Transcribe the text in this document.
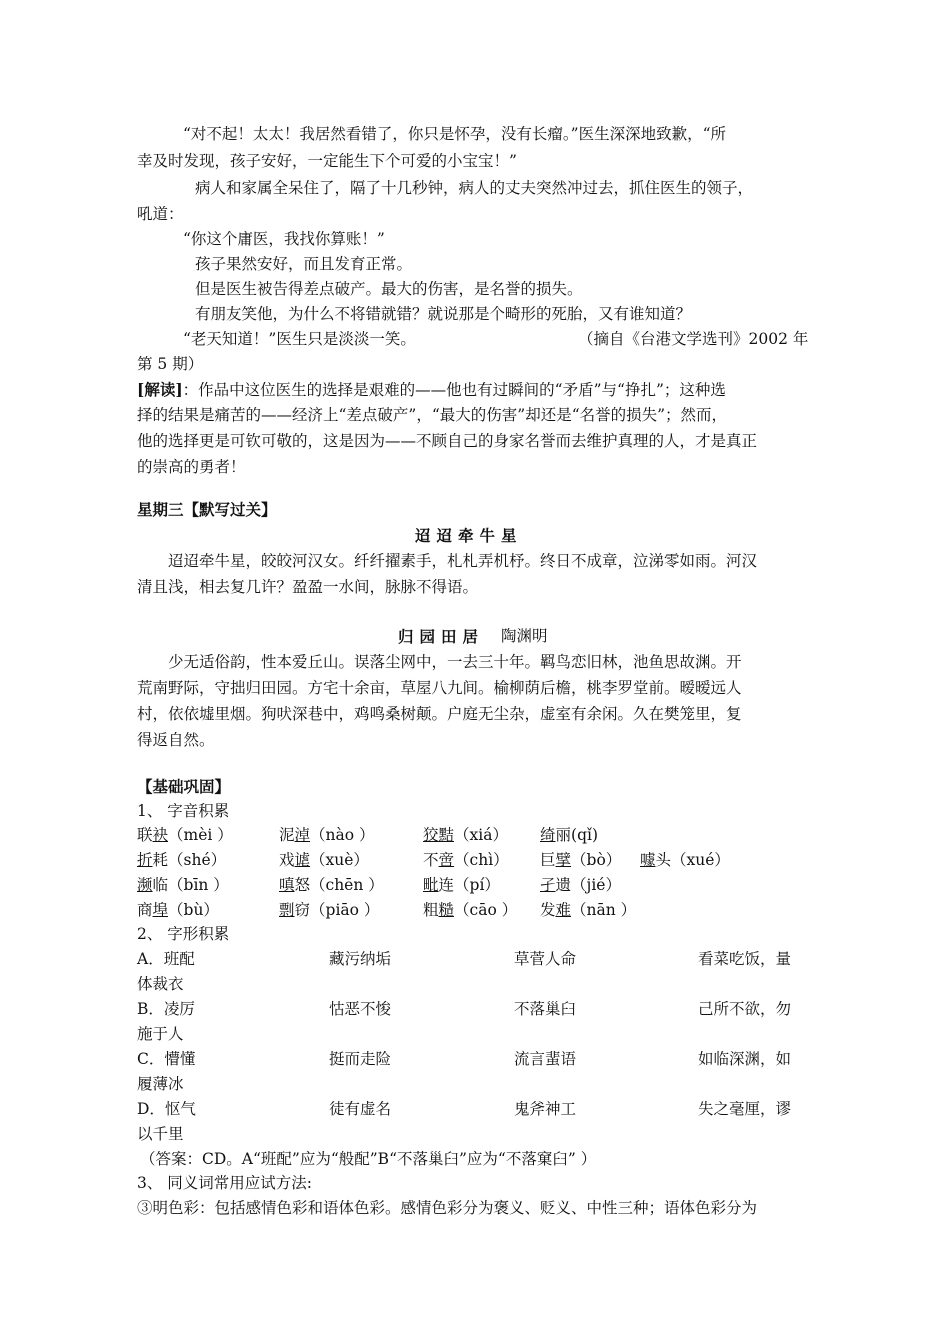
“对不起！太太！我居然看错了，你只是怀孕，没有长瘤。”医生深深地致歉，“所
幸及时发现，孩子安好，一定能生下个可爱的小宝宝！”
病人和家属全呆住了，隔了十几秒钟，病人的丈夫突然冲过去，抓住医生的领子，
吼道：
“你这个庸医，我找你算账！”
孩子果然安好，而且发育正常。
但是医生被告得差点破产。最大的伤害，是名誉的损失。
有朋友笑他，为什么不将错就错？就说那是个畸形的死胎，又有谁知道？
“老天知道！”医生只是淡淡一笑。	（摘自《台港文学选刊》2002 年
第 5 期）
[解读]：作品中这位医生的选择是艰难的——他也有过瞬间的“矛盾”与“挣扎”；这种选
择的结果是痛苦的——经济上“差点破产”，“最大的伤害”却还是“名誉的损失”；然而，
他的选择更是可钦可敬的，这是因为——不顾自己的身家名誉而去维护真理的人，才是真正
的崇高的勇者！
星期三【默写过关】
迢迢牵牛星
迢迢牵牛星，皎皎河汉女。纤纤擢素手，札札弄机杼。终日不成章，泣涕零如雨。河汉
清且浅，相去复几许？盈盈一水间，脉脉不得语。
归园田居 陶渊明
少无适俗韵，性本爱丘山。误落尘网中，一去三十年。羁鸟恋旧林，池鱼思故渊。开
荒南野际，守拙归田园。方宅十余亩，草屋八九间。榆柳荫后檐，桃李罗堂前。暧暧远人
村，依依墟里烟。狗吠深巷中，鸡鸣桑树颠。户庭无尘杂，虚室有余闲。久在樊笼里，复
得返自然。
【基础巩固】
1、 字音积累
联袂（mèi ）	泥淖（nào ）	狡黠（xiá） 绮丽(qǐ)
折耗（shé）	戏谑（xuè）	不啻（chì） 巨擘（bò） 噱头（xué）
濒临（bīn ）	嗔怒（chēn ）	毗连（pí）	孑遗（jié）
商埠（bù）	剽窃（piāo ）	粗糙（cāo ） 发难（nān ）
2、 字形积累
A．班配	藏污纳垢	草菅人命	看菜吃饭，量
体裁衣
B．凌厉	怙恶不悛	不落巢臼	己所不欲，勿
施于人
C．懵懂	挺而走险	流言蜚语	如临深渊，如
履薄冰
D．怄气	徒有虚名	鬼斧神工	失之毫厘，谬
以千里
（答案：CD。A“班配”应为“般配”B“不落巢臼”应为“不落窠臼” ）
3、 同义词常用应试方法:
③明色彩：包括感情色彩和语体色彩。感情色彩分为褒义、贬义、中性三种；语体色彩分为
